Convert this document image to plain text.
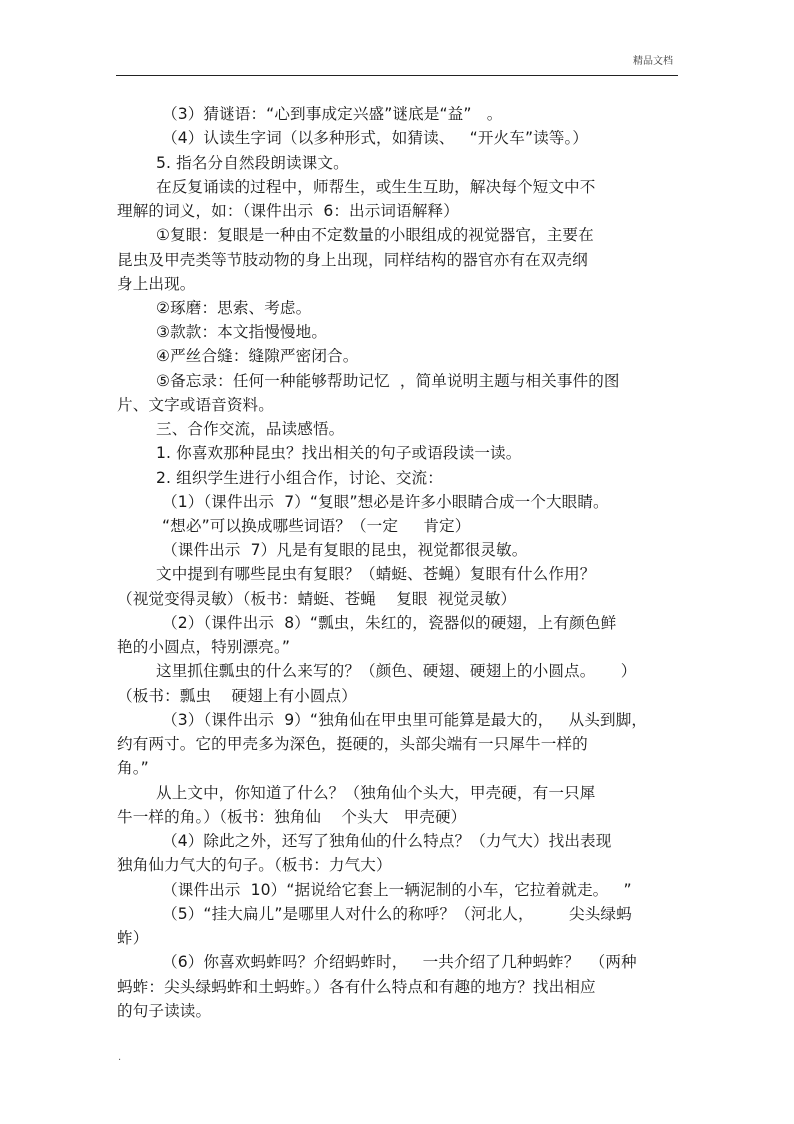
精品文档
（3）猜谜语：“心到事成定兴盛”谜底是“益”   。
（4）认读生字词（以多种形式，如猜读、   “开火车”读等。）
5. 指名分自然段朗读课文。
在反复诵读的过程中，师帮生，或生生互助，解决每个短文中不
理解的词义，如：（课件出示  6：出示词语解释）
①复眼：复眼是一种由不定数量的小眼组成的视觉器官，主要在
昆虫及甲壳类等节肢动物的身上出现，同样结构的器官亦有在双壳纲
身上出现。
②琢磨：思索、考虑。
③款款：本文指慢慢地。
④严丝合缝：缝隙严密闭合。
⑤备忘录：任何一种能够帮助记忆  ，简单说明主题与相关事件的图
片、文字或语音资料。
三、合作交流，品读感悟。
1. 你喜欢那种昆虫？找出相关的句子或语段读一读。
2. 组织学生进行小组合作，讨论、交流：
（1）（课件出示  7）“复眼”想必是许多小眼睛合成一个大眼睛。
“想必”可以换成哪些词语？（一定     肯定）
（课件出示  7）凡是有复眼的昆虫，视觉都很灵敏。
文中提到有哪些昆虫有复眼？（蜻蜓、苍蝇）复眼有什么作用？
（视觉变得灵敏）（板书：蜻蜓、苍蝇    复眼  视觉灵敏）
（2）（课件出示  8）“瓢虫，朱红的，瓷器似的硬翅，上有颜色鲜
艳的小圆点，特别漂亮。”
这里抓住瓢虫的什么来写的？（颜色、硬翅、硬翅上的小圆点。     ）
（板书：瓢虫    硬翅上有小圆点）
（3）（课件出示  9）“独角仙在甲虫里可能算是最大的，   从头到脚，
约有两寸。它的甲壳多为深色，挺硬的，头部尖端有一只犀牛一样的
角。”
从上文中，你知道了什么？（独角仙个头大，甲壳硬，有一只犀
牛一样的角。）（板书：独角仙    个头大   甲壳硬）
（4）除此之外，还写了独角仙的什么特点？（力气大）找出表现
独角仙力气大的句子。（板书：力气大）
（课件出示  10）“据说给它套上一辆泥制的小车，它拉着就走。   ”
（5）“挂大扁儿”是哪里人对什么的称呼？（河北人，       尖头绿蚂
蚱）
（6）你喜欢蚂蚱吗？介绍蚂蚱时，   一共介绍了几种蚂蚱？  （两种
蚂蚱：尖头绿蚂蚱和土蚂蚱。）各有什么特点和有趣的地方？找出相应
的句子读读。
.
